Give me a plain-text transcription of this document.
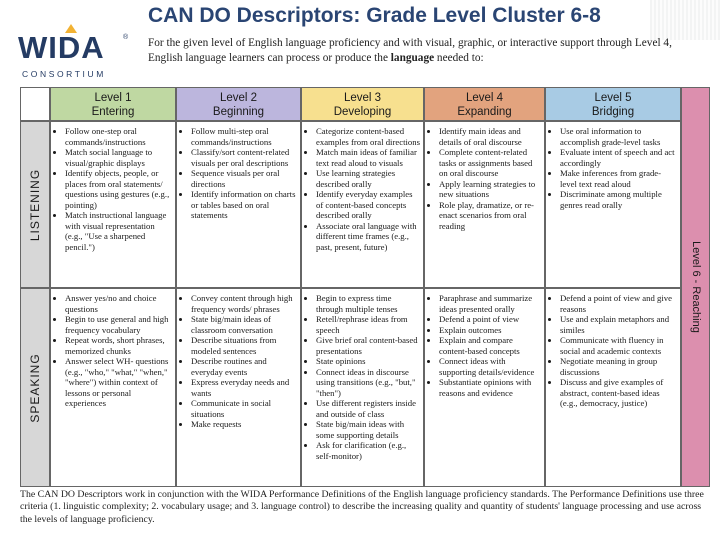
WIDA	®
CONSORTIUM
CAN DO Descriptors: Grade Level Cluster 6-8
For the given level of English language proficiency and with visual, graphic, or interactive support through Level 4, English language learners can process or produce the language needed to:
Level 1
Entering
Level 2
Beginning
Level 3
Developing
Level 4
Expanding
Level 5
Bridging
Level 6 - Reaching
LISTENING
SPEAKING
• Follow one-step oral commands/instructions
• Match social language to visual/graphic displays
• Identify objects, people, or places from oral statements/ questions using gestures (e.g., pointing)
• Match instructional language with visual representation (e.g., "Use a sharpened pencil.")
• Follow multi-step oral commands/instructions
• Classify/sort content-related visuals per oral descriptions
• Sequence visuals per oral directions
• Identify information on charts or tables based on oral statements
• Categorize content-based examples from oral directions
• Match main ideas of familiar text read aloud to visuals
• Use learning strategies described orally
• Identify everyday examples of content-based concepts described orally
• Associate oral language with different time frames (e.g., past, present, future)
• Identify main ideas and details of oral discourse
• Complete content-related tasks or assignments based on oral discourse
• Apply learning strategies to new situations
• Role play, dramatize, or re-enact scenarios from oral reading
• Use oral information to accomplish grade-level tasks
• Evaluate intent of speech and act accordingly
• Make inferences from grade-level text read aloud
• Discriminate among multiple genres read orally
• Answer yes/no and choice questions
• Begin to use general and high frequency vocabulary
• Repeat words, short phrases, memorized chunks
• Answer select WH- questions (e.g., "who," "what," "when," "where") within context of lessons or personal experiences
• Convey content through high frequency words/ phrases
• State big/main ideas of classroom conversation
• Describe situations from modeled sentences
• Describe routines and everyday events
• Express everyday needs and wants
• Communicate in social situations
• Make requests
• Begin to express time through multiple tenses
• Retell/rephrase ideas from speech
• Give brief oral content-based presentations
• State opinions
• Connect ideas in discourse using transitions (e.g., "but," "then")
• Use different registers inside and outside of class
• State big/main ideas with some supporting details
• Ask for clarification (e.g., self-monitor)
• Paraphrase and summarize ideas presented orally
• Defend a point of view
• Explain outcomes
• Explain and compare content-based concepts
• Connect ideas with supporting details/evidence
• Substantiate opinions with reasons and evidence
• Defend a point of view and give reasons
• Use and explain metaphors and similes
• Communicate with fluency in social and academic contexts
• Negotiate meaning in group discussions
• Discuss and give examples of abstract, content-based ideas (e.g., democracy, justice)
The CAN DO Descriptors work in conjunction with the WIDA Performance Definitions of the English language proficiency standards. The Performance Definitions use three criteria (1. linguistic complexity; 2. vocabulary usage; and 3. language control) to describe the increasing quality and quantity of students' language processing and use across the levels of language proficiency.
